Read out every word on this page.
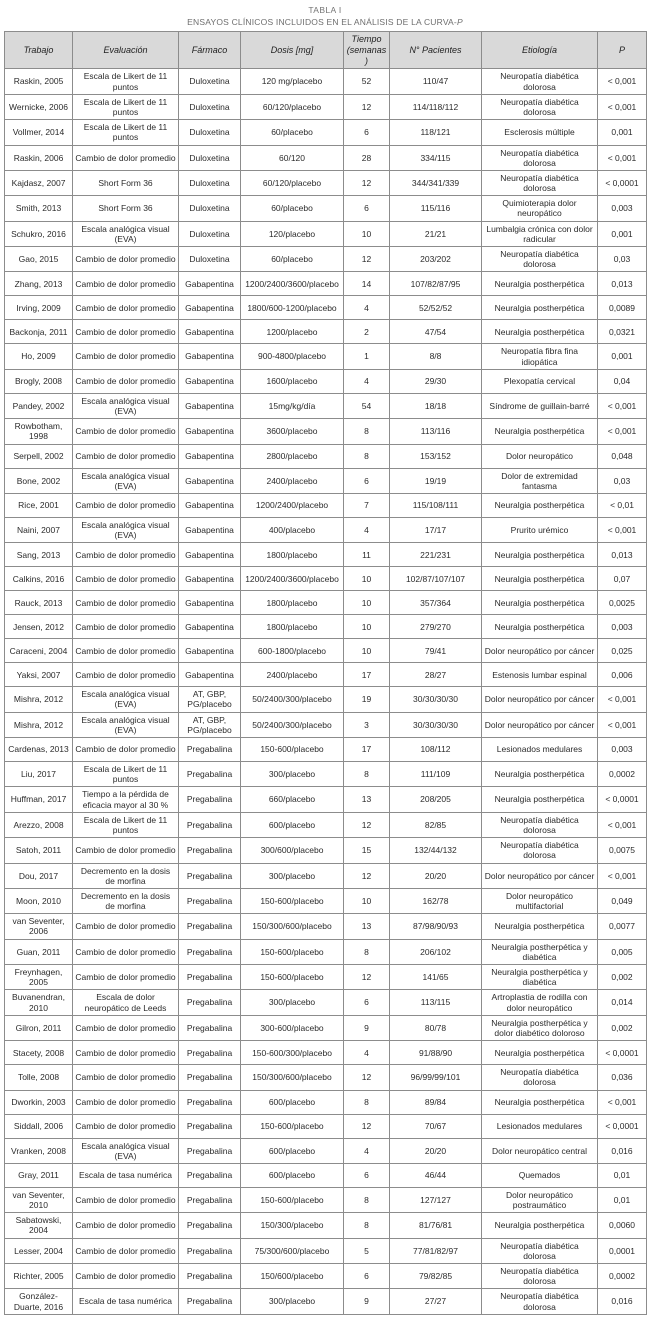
TABLA I
ENSAYOS CLÍNICOS INCLUIDOS EN EL ANÁLISIS DE LA CURVA-P
Trabajo	Evaluación	Fármaco	Dosis [mg]	Tiempo (semanas)	N° Pacientes	Etiología	P
Raskin, 2005	Escala de Likert de 11 puntos	Duloxetina	120 mg/placebo	52	110/47	Neuropatía diabética dolorosa	< 0,001
Wernicke, 2006	Escala de Likert de 11 puntos	Duloxetina	60/120/placebo	12	114/118/112	Neuropatía diabética dolorosa	< 0,001
Vollmer, 2014	Escala de Likert de 11 puntos	Duloxetina	60/placebo	6	118/121	Esclerosis múltiple	0,001
Raskin, 2006	Cambio de dolor promedio	Duloxetina	60/120	28	334/115	Neuropatía diabética dolorosa	< 0,001
Kajdasz, 2007	Short Form 36	Duloxetina	60/120/placebo	12	344/341/339	Neuropatía diabética dolorosa	< 0,0001
Smith, 2013	Short Form 36	Duloxetina	60/placebo	6	115/116	Quimioterapia dolor neuropático	0,003
Schukro, 2016	Escala analógica visual (EVA)	Duloxetina	120/placebo	10	21/21	Lumbalgia crónica con dolor radicular	0,001
Gao, 2015	Cambio de dolor promedio	Duloxetina	60/placebo	12	203/202	Neuropatía diabética dolorosa	0,03
Zhang, 2013	Cambio de dolor promedio	Gabapentina	1200/2400/3600/placebo	14	107/82/87/95	Neuralgia postherpética	0,013
Irving, 2009	Cambio de dolor promedio	Gabapentina	1800/600-1200/placebo	4	52/52/52	Neuralgia postherpética	0,0089
Backonja, 2011	Cambio de dolor promedio	Gabapentina	1200/placebo	2	47/54	Neuralgia postherpética	0,0321
Ho, 2009	Cambio de dolor promedio	Gabapentina	900-4800/placebo	1	8/8	Neuropatía fibra fina idiopática	0,001
Brogly, 2008	Cambio de dolor promedio	Gabapentina	1600/placebo	4	29/30	Plexopatía cervical	0,04
Pandey, 2002	Escala analógica visual (EVA)	Gabapentina	15mg/kg/día	54	18/18	Síndrome de guillain-barré	< 0,001
Rowbotham, 1998	Cambio de dolor promedio	Gabapentina	3600/placebo	8	113/116	Neuralgia postherpética	< 0,001
Serpell, 2002	Cambio de dolor promedio	Gabapentina	2800/placebo	8	153/152	Dolor neuropático	0,048
Bone, 2002	Escala analógica visual (EVA)	Gabapentina	2400/placebo	6	19/19	Dolor de extremidad fantasma	0,03
Rice, 2001	Cambio de dolor promedio	Gabapentina	1200/2400/placebo	7	115/108/111	Neuralgia postherpética	< 0,01
Naini, 2007	Escala analógica visual (EVA)	Gabapentina	400/placebo	4	17/17	Prurito urémico	< 0,001
Sang, 2013	Cambio de dolor promedio	Gabapentina	1800/placebo	11	221/231	Neuralgia postherpética	0,013
Calkins, 2016	Cambio de dolor promedio	Gabapentina	1200/2400/3600/placebo	10	102/87/107/107	Neuralgia postherpética	0,07
Rauck, 2013	Cambio de dolor promedio	Gabapentina	1800/placebo	10	357/364	Neuralgia postherpética	0,0025
Jensen, 2012	Cambio de dolor promedio	Gabapentina	1800/placebo	10	279/270	Neuralgia postherpética	0,003
Caraceni, 2004	Cambio de dolor promedio	Gabapentina	600-1800/placebo	10	79/41	Dolor neuropático por cáncer	0,025
Yaksi, 2007	Cambio de dolor promedio	Gabapentina	2400/placebo	17	28/27	Estenosis lumbar espinal	0,006
Mishra, 2012	Escala analógica visual (EVA)	AT, GBP, PG/placebo	50/2400/300/placebo	19	30/30/30/30	Dolor neuropático por cáncer	< 0,001
Mishra, 2012	Escala analógica visual (EVA)	AT, GBP, PG/placebo	50/2400/300/placebo	3	30/30/30/30	Dolor neuropático por cáncer	< 0,001
Cardenas, 2013	Cambio de dolor promedio	Pregabalina	150-600/placebo	17	108/112	Lesionados medulares	0,003
Liu, 2017	Escala de Likert de 11 puntos	Pregabalina	300/placebo	8	111/109	Neuralgia postherpética	0,0002
Huffman, 2017	Tiempo a la pérdida de eficacia mayor al 30 %	Pregabalina	660/placebo	13	208/205	Neuralgia postherpética	< 0,0001
Arezzo, 2008	Escala de Likert de 11 puntos	Pregabalina	600/placebo	12	82/85	Neuropatía diabética dolorosa	< 0,001
Satoh, 2011	Cambio de dolor promedio	Pregabalina	300/600/placebo	15	132/44/132	Neuropatía diabética dolorosa	0,0075
Dou, 2017	Decremento en la dosis de morfina	Pregabalina	300/placebo	12	20/20	Dolor neuropático por cáncer	< 0,001
Moon, 2010	Decremento en la dosis de morfina	Pregabalina	150-600/placebo	10	162/78	Dolor neuropático multifactorial	0,049
van Seventer, 2006	Cambio de dolor promedio	Pregabalina	150/300/600/placebo	13	87/98/90/93	Neuralgia postherpética	0,0077
Guan, 2011	Cambio de dolor promedio	Pregabalina	150-600/placebo	8	206/102	Neuralgia postherpética y diabética	0,005
Freynhagen, 2005	Cambio de dolor promedio	Pregabalina	150-600/placebo	12	141/65	Neuralgia postherpética y diabética	0,002
Buvanendran, 2010	Escala de dolor neuropático de Leeds	Pregabalina	300/placebo	6	113/115	Artroplastia de rodilla con dolor neuropático	0,014
Gilron, 2011	Cambio de dolor promedio	Pregabalina	300-600/placebo	9	80/78	Neuralgia postherpética y dolor diabético doloroso	0,002
Stacety, 2008	Cambio de dolor promedio	Pregabalina	150-600/300/placebo	4	91/88/90	Neuralgia postherpética	< 0,0001
Tolle, 2008	Cambio de dolor promedio	Pregabalina	150/300/600/placebo	12	96/99/99/101	Neuropatía diabética dolorosa	0,036
Dworkin, 2003	Cambio de dolor promedio	Pregabalina	600/placebo	8	89/84	Neuralgia postherpética	< 0,001
Siddall, 2006	Cambio de dolor promedio	Pregabalina	150-600/placebo	12	70/67	Lesionados medulares	< 0,0001
Vranken, 2008	Escala analógica visual (EVA)	Pregabalina	600/placebo	4	20/20	Dolor neuropático central	0,016
Gray, 2011	Escala de tasa numérica	Pregabalina	600/placebo	6	46/44	Quemados	0,01
van Seventer, 2010	Cambio de dolor promedio	Pregabalina	150-600/placebo	8	127/127	Dolor neuropático postraumático	0,01
Sabatowski, 2004	Cambio de dolor promedio	Pregabalina	150/300/placebo	8	81/76/81	Neuralgia postherpética	0,0060
Lesser, 2004	Cambio de dolor promedio	Pregabalina	75/300/600/placebo	5	77/81/82/97	Neuropatía diabética dolorosa	0,0001
Richter, 2005	Cambio de dolor promedio	Pregabalina	150/600/placebo	6	79/82/85	Neuropatía diabética dolorosa	0,0002
González-Duarte, 2016	Escala de tasa numérica	Pregabalina	300/placebo	9	27/27	Neuropatía diabética dolorosa	0,016
